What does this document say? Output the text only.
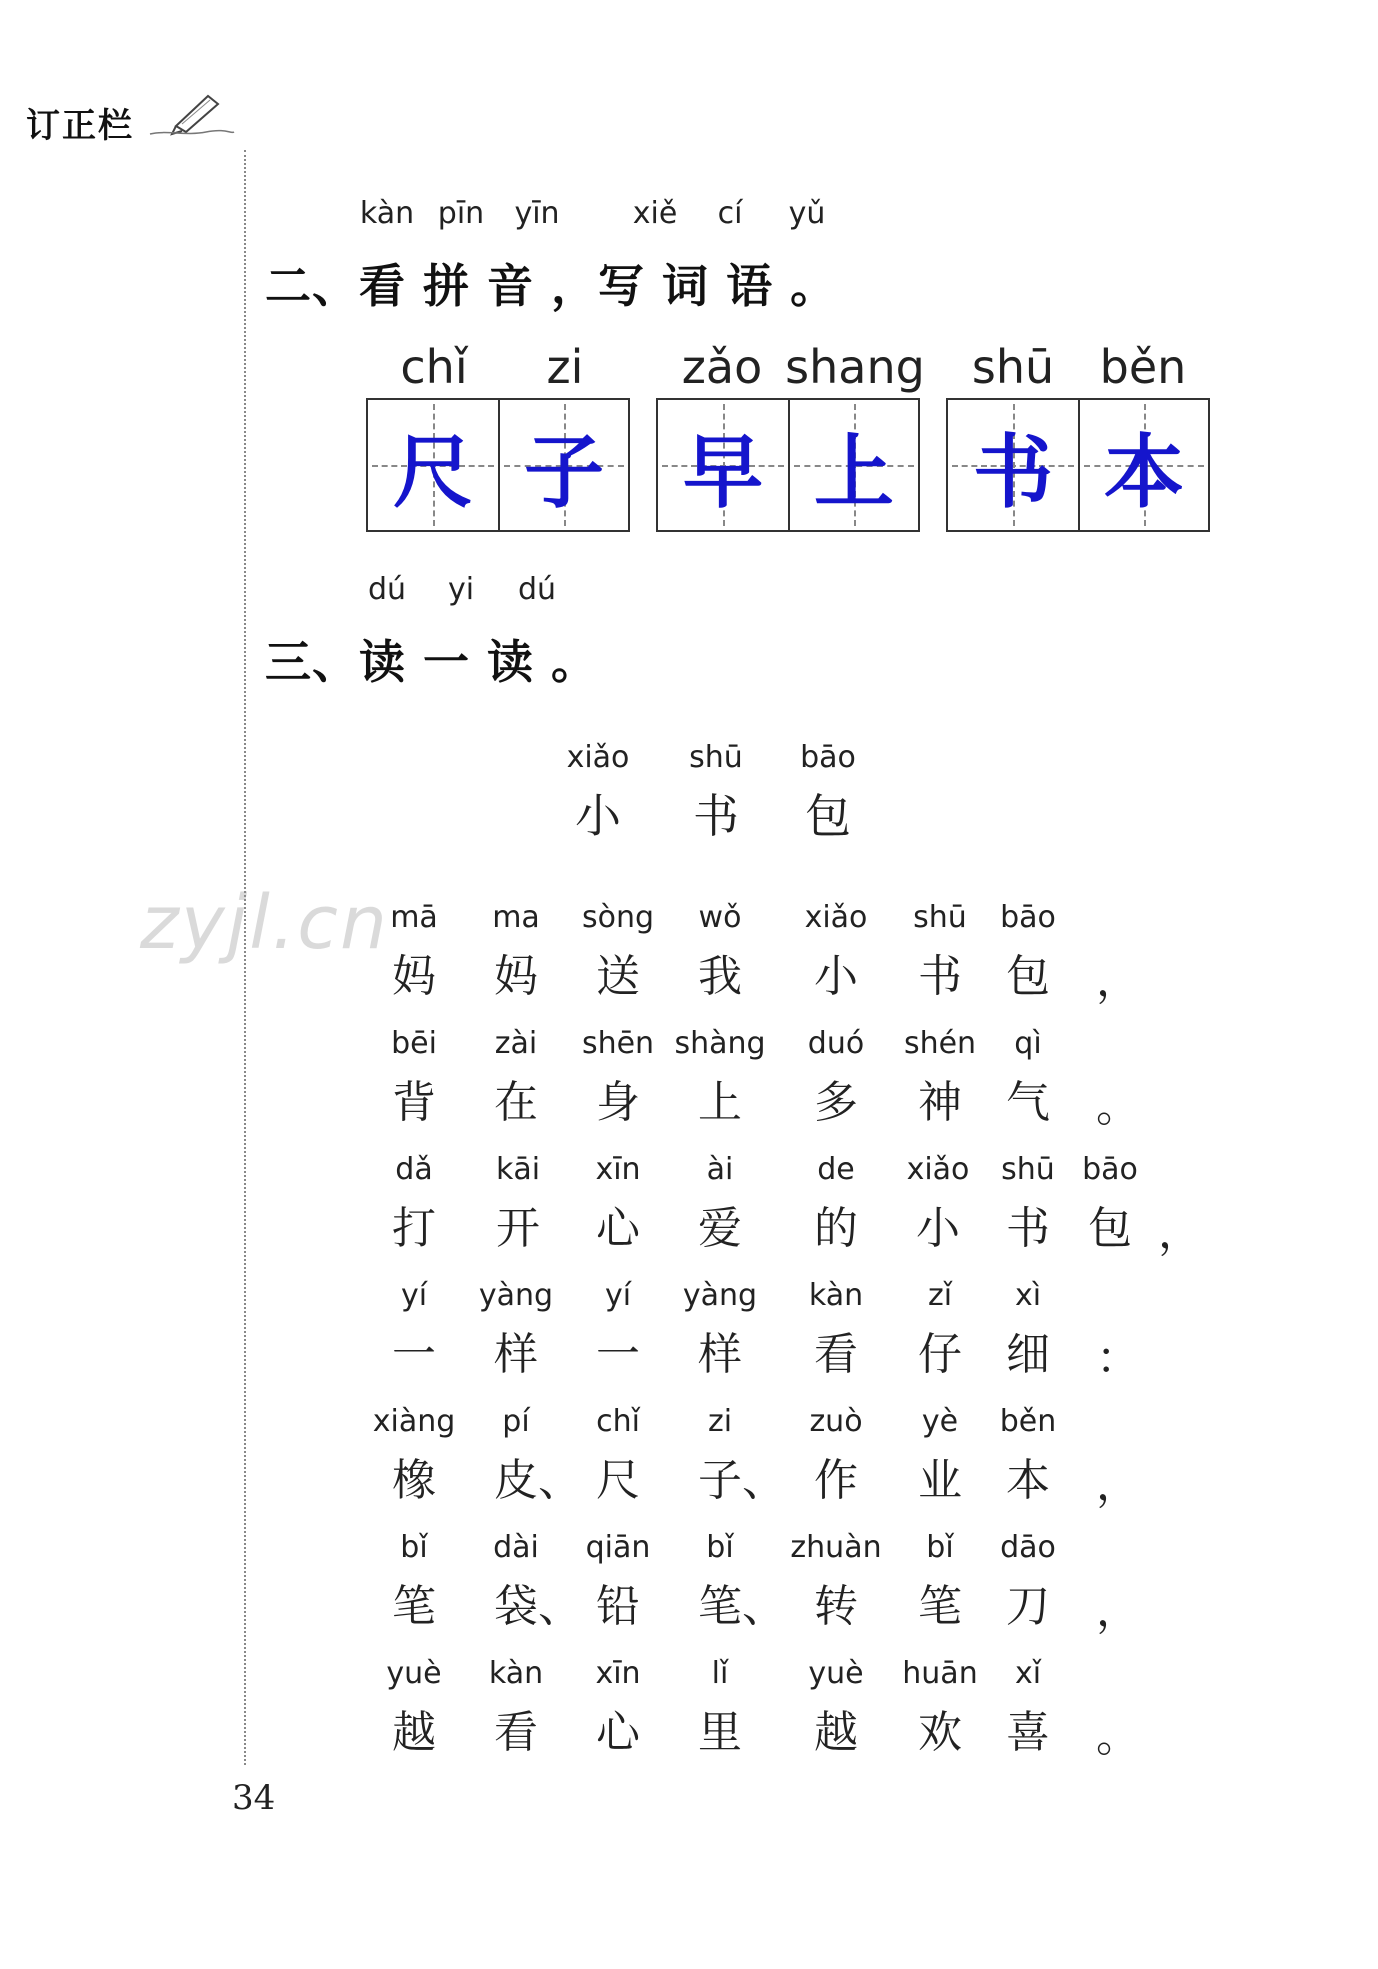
订正栏
kàn pīn yīn xiě cí yǔ
二、看 拼 音 ，写 词 语 。
chǐ zi zǎo shang shū běn
尺 子 早 上 书 本
dú yi dú
三、读 一 读 。
xiǎo shū bāo
小 书 包
zyjl.cn mā ma sòng wǒ xiǎo shū bāo
妈 妈 送 我 小 书 包 ，
bēi zài shēn shàng duó shén qì
背 在 身 上 多 神 气 。
dǎ kāi xīn ài	de xiǎo shū bāo
打 开 心 爱 的 小 书 包 ，
yí yàng yí yàng kàn zǐ xì
一 样 一 样 看 仔 细 ：
xiàng pí chǐ zi	zuò yè běn
橡 皮、 尺 子、 作 业 本 ，
bǐ dài qiān bǐ zhuàn bǐ dāo
笔 袋、 铅 笔、 转 笔 刀 ，
yuè kàn xīn lǐ	yuè huān xǐ
越 看 心 里 越 欢 喜 。
34
